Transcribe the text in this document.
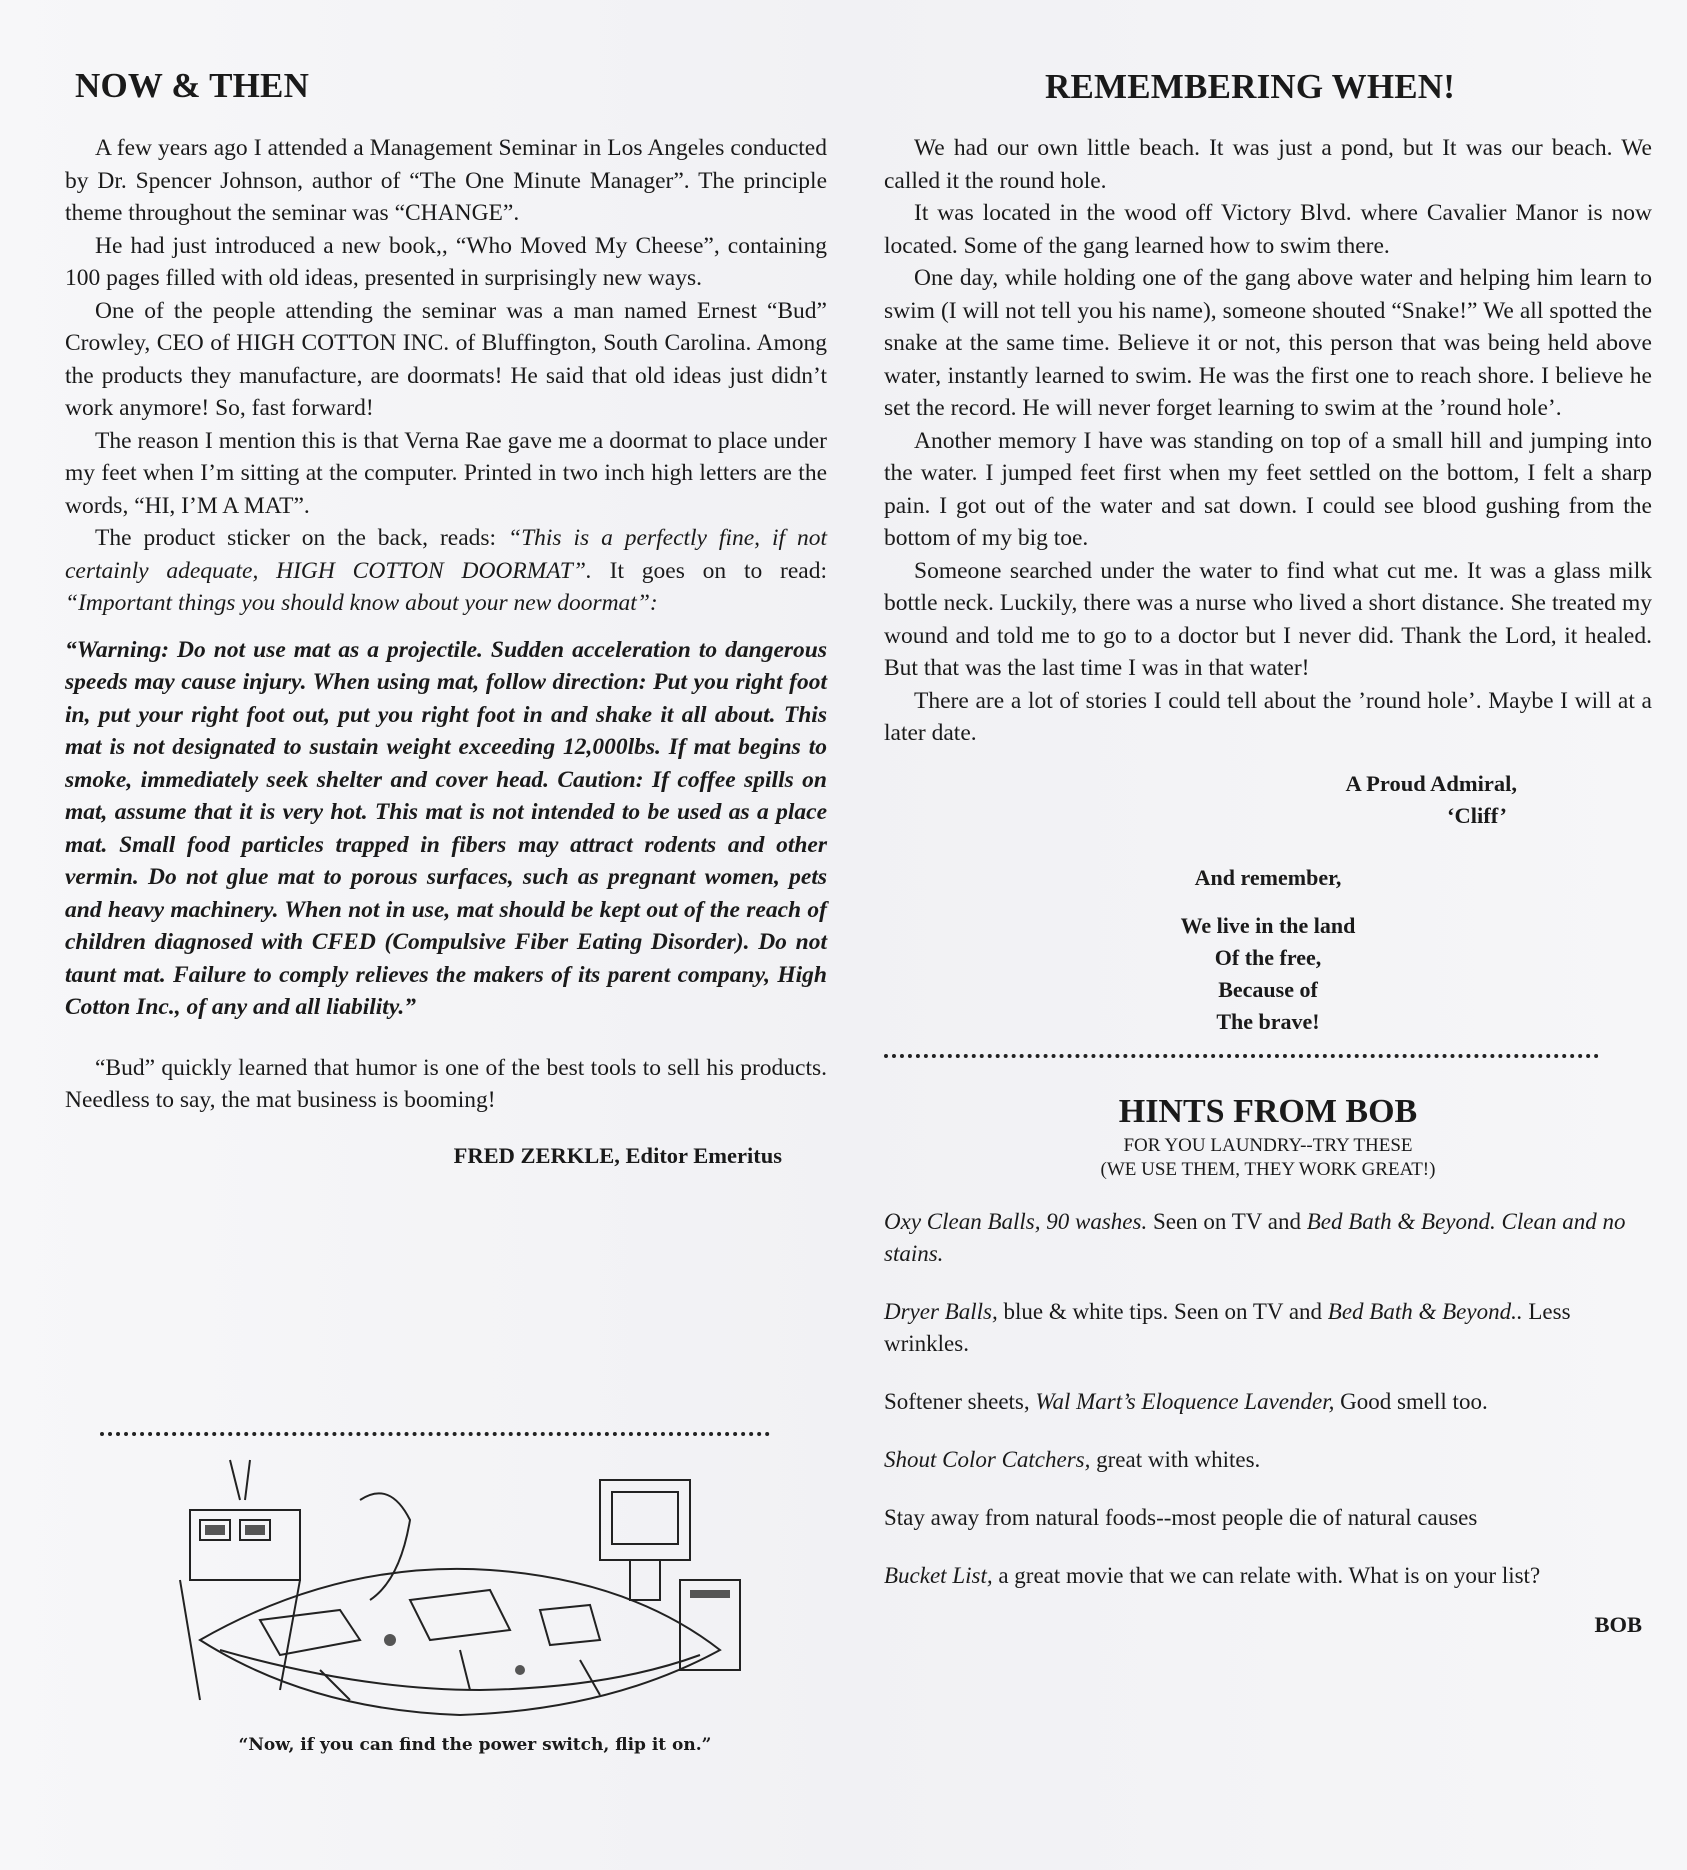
NOW & THEN	REMEMBERING WHEN!

A few years ago I attended a Management Seminar in Los Angeles conducted by Dr. Spencer Johnson, author of “The One Minute Manager”. The principle theme throughout the seminar was “CHANGE”.

He had just introduced a new book,, “Who Moved My Cheese”, containing 100 pages filled with old ideas, presented in surprisingly new ways.

One of the people attending the seminar was a man named Ernest “Bud” Crowley, CEO of HIGH COTTON INC. of Bluffington, South Carolina. Among the products they manufacture, are doormats! He said that old ideas just didn’t work anymore! So, fast forward!

The reason I mention this is that Verna Rae gave me a doormat to place under my feet when I’m sitting at the computer. Printed in two inch high letters are the words, “HI, I’M A MAT”.

The product sticker on the back, reads: “This is a perfectly fine, if not certainly adequate, HIGH COTTON DOORMAT”. It goes on to read: “Important things you should know about your new doormat”:

“Warning: Do not use mat as a projectile. Sudden acceleration to dangerous speeds may cause injury. When using mat, follow direction: Put you right foot in, put your right foot out, put you right foot in and shake it all about. This mat is not designated to sustain weight exceeding 12,000lbs. If mat begins to smoke, immediately seek shelter and cover head. Caution: If coffee spills on mat, assume that it is very hot. This mat is not intended to be used as a place mat. Small food particles trapped in fibers may attract rodents and other vermin. Do not glue mat to porous surfaces, such as pregnant women, pets and heavy machinery. When not in use, mat should be kept out of the reach of children diagnosed with CFED (Compulsive Fiber Eating Disorder). Do not taunt mat. Failure to comply relieves the makers of its parent company, High Cotton Inc., of any and all liability.”

“Bud” quickly learned that humor is one of the best tools to sell his products. Needless to say, the mat business is booming!

FRED ZERKLE, Editor Emeritus
“Now, if you can find the power switch, flip it on.”

We had our own little beach. It was just a pond, but It was our beach. We called it the round hole.

It was located in the wood off Victory Blvd. where Cavalier Manor is now located. Some of the gang learned how to swim there.

One day, while holding one of the gang above water and helping him learn to swim (I will not tell you his name), someone shouted “Snake!” We all spotted the snake at the same time. Believe it or not, this person that was being held above water, instantly learned to swim. He was the first one to reach shore. I believe he set the record. He will never forget learning to swim at the ’round hole’.

Another memory I have was standing on top of a small hill and jumping into the water. I jumped feet first when my feet settled on the bottom, I felt a sharp pain. I got out of the water and sat down. I could see blood gushing from the bottom of my big toe.

Someone searched under the water to find what cut me. It was a glass milk bottle neck. Luckily, there was a nurse who lived a short distance. She treated my wound and told me to go to a doctor but I never did. Thank the Lord, it healed. But that was the last time I was in that water!

There are a lot of stories I could tell about the ’round hole’. Maybe I will at a later date.

A Proud Admiral,
‘Cliff’
And remember,
We live in the land
Of the free,
Because of
The brave!
HINTS FROM BOB
FOR YOU LAUNDRY--TRY THESE
(WE USE THEM, THEY WORK GREAT!)

Oxy Clean Balls, 90 washes. Seen on TV and Bed Bath & Beyond. Clean and no stains.

Dryer Balls, blue & white tips. Seen on TV and Bed Bath & Beyond.. Less wrinkles.

Softener sheets, Wal Mart’s Eloquence Lavender, Good smell too.

Shout Color Catchers, great with whites.

Stay away from natural foods--most people die of natural causes

Bucket List, a great movie that we can relate with. What is on your list?

BOB
